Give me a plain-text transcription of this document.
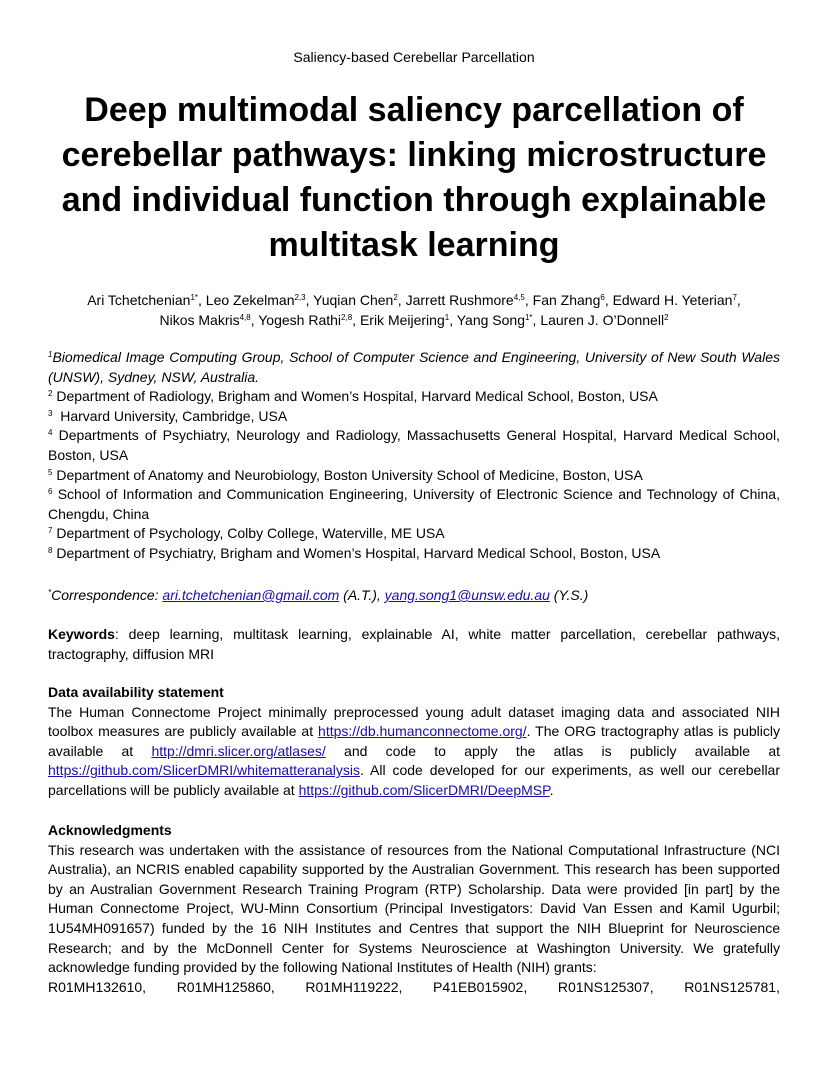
Saliency-based Cerebellar Parcellation
Deep multimodal saliency parcellation of cerebellar pathways: linking microstructure and individual function through explainable multitask learning
Ari Tchetchenian$^{1*}$, Leo Zekelman$^{2,3}$, Yuqian Chen$^2$, Jarrett Rushmore$^{4,5}$, Fan Zhang$^6$, Edward H. Yeterian$^7$,
Nikos Makris$^{4,8}$, Yogesh Rathi$^{2,8}$, Erik Meijering$^1$, Yang Song$^{1*}$, Lauren J. O’Donnell$^2$

$^1$Biomedical Image Computing Group, School of Computer Science and Engineering, University of New South Wales (UNSW), Sydney, NSW, Australia.

$^2$ Department of Radiology, Brigham and Women’s Hospital, Harvard Medical School, Boston, USA

$^3$  Harvard University, Cambridge, USA

$^4$ Departments of Psychiatry, Neurology and Radiology, Massachusetts General Hospital, Harvard Medical School, Boston, USA

$^5$ Department of Anatomy and Neurobiology, Boston University School of Medicine, Boston, USA

$^6$ School of Information and Communication Engineering, University of Electronic Science and Technology of China, Chengdu, China

$^7$ Department of Psychology, Colby College, Waterville, ME USA

$^8$ Department of Psychiatry, Brigham and Women’s Hospital, Harvard Medical School, Boston, USA

*Correspondence: ari.tchetchenian@gmail.com (A.T.), yang.song1@unsw.edu.au (Y.S.)
Keywords: deep learning, multitask learning, explainable AI, white matter parcellation, cerebellar pathways, tractography, diffusion MRI

Data availability statement

The Human Connectome Project minimally preprocessed young adult dataset imaging data and associated NIH toolbox measures are publicly available at https://db.humanconnectome.org/. The ORG tractography atlas is publicly available at http://dmri.slicer.org/atlases/ and code to apply the atlas is publicly available at https://github.com/SlicerDMRI/whitematteranalysis. All code developed for our experiments, as well our cerebellar parcellations will be publicly available at https://github.com/SlicerDMRI/DeepMSP.

Acknowledgments

This research was undertaken with the assistance of resources from the National Computational Infrastructure (NCI Australia), an NCRIS enabled capability supported by the Australian Government. This research has been supported by an Australian Government Research Training Program (RTP) Scholarship. Data were provided [in part] by the Human Connectome Project, WU-Minn Consortium (Principal Investigators: David Van Essen and Kamil Ugurbil; 1U54MH091657) funded by the 16 NIH Institutes and Centres that support the NIH Blueprint for Neuroscience Research; and by the McDonnell Center for Systems Neuroscience at Washington University. We gratefully acknowledge funding provided by the following National Institutes of Health (NIH) grants:

R01MH132610, R01MH125860, R01MH119222, P41EB015902, R01NS125307, R01NS125781,
